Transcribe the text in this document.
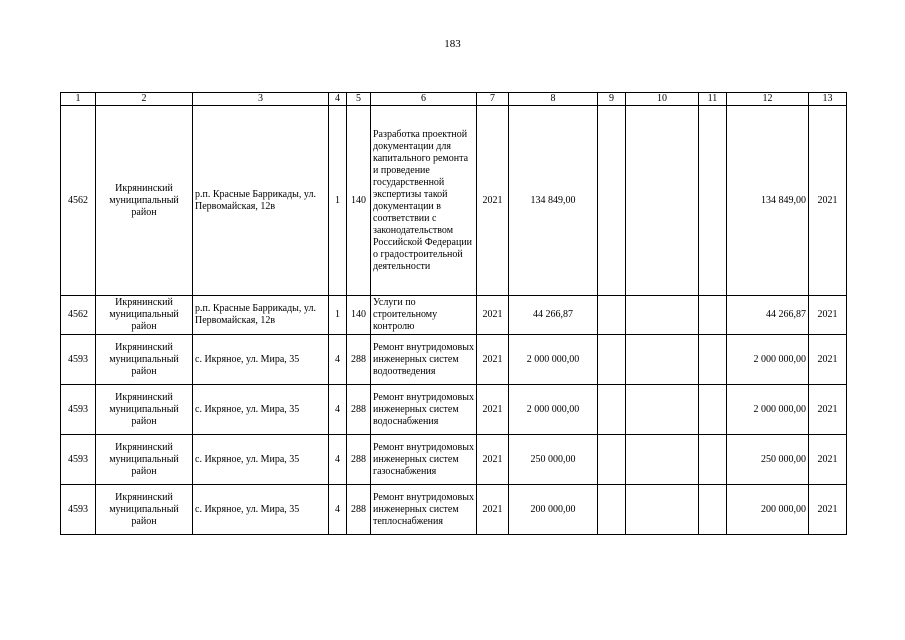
183
1	2	3	4	5	6	7	8	9	10	11	12	13
4562	Икрянинский муниципальный район	р.п. Красные Баррикады, ул. Первомайская, 12в	1	140	Разработка проектной документации для капитального ремонта и проведение государственной экспертизы такой документации в соответствии с законодательством Российской Федерации о градостроительной деятельности	2021	134 849,00				134 849,00	2021
4562	Икрянинский муниципальный район	р.п. Красные Баррикады, ул. Первомайская, 12в	1	140	Услуги по строительному контролю	2021	44 266,87				44 266,87	2021
4593	Икрянинский муниципальный район	с. Икряное, ул. Мира, 35	4	288	Ремонт внутридомовых инженерных систем водоотведения	2021	2 000 000,00				2 000 000,00	2021
4593	Икрянинский муниципальный район	с. Икряное, ул. Мира, 35	4	288	Ремонт внутридомовых инженерных систем водоснабжения	2021	2 000 000,00				2 000 000,00	2021
4593	Икрянинский муниципальный район	с. Икряное, ул. Мира, 35	4	288	Ремонт внутридомовых инженерных систем газоснабжения	2021	250 000,00				250 000,00	2021
4593	Икрянинский муниципальный район	с. Икряное, ул. Мира, 35	4	288	Ремонт внутридомовых инженерных систем теплоснабжения	2021	200 000,00				200 000,00	2021
